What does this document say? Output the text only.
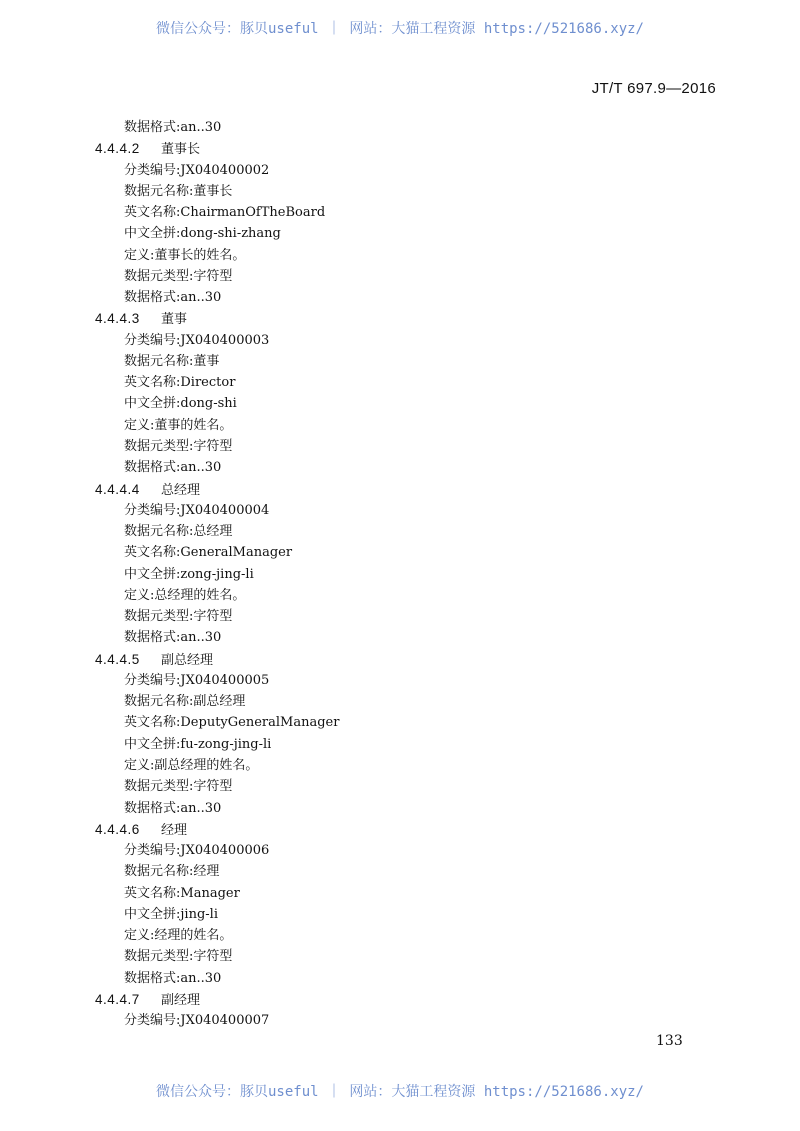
微信公众号：豚贝useful ｜ 网站：大猫工程资源 https://521686.xyz/
JT/T 697.9—2016
数据格式:an..30
4.4.4.2 董事长
分类编号:JX040400002
数据元名称:董事长
英文名称:ChairmanOfTheBoard
中文全拼:dong-shi-zhang
定义:董事长的姓名。
数据元类型:字符型
数据格式:an..30
4.4.4.3 董事
分类编号:JX040400003
数据元名称:董事
英文名称:Director
中文全拼:dong-shi
定义:董事的姓名。
数据元类型:字符型
数据格式:an..30
4.4.4.4 总经理
分类编号:JX040400004
数据元名称:总经理
英文名称:GeneralManager
中文全拼:zong-jing-li
定义:总经理的姓名。
数据元类型:字符型
数据格式:an..30
4.4.4.5 副总经理
分类编号:JX040400005
数据元名称:副总经理
英文名称:DeputyGeneralManager
中文全拼:fu-zong-jing-li
定义:副总经理的姓名。
数据元类型:字符型
数据格式:an..30
4.4.4.6 经理
分类编号:JX040400006
数据元名称:经理
英文名称:Manager
中文全拼:jing-li
定义:经理的姓名。
数据元类型:字符型
数据格式:an..30
4.4.4.7 副经理
分类编号:JX040400007
133
微信公众号：豚贝useful ｜ 网站：大猫工程资源 https://521686.xyz/
